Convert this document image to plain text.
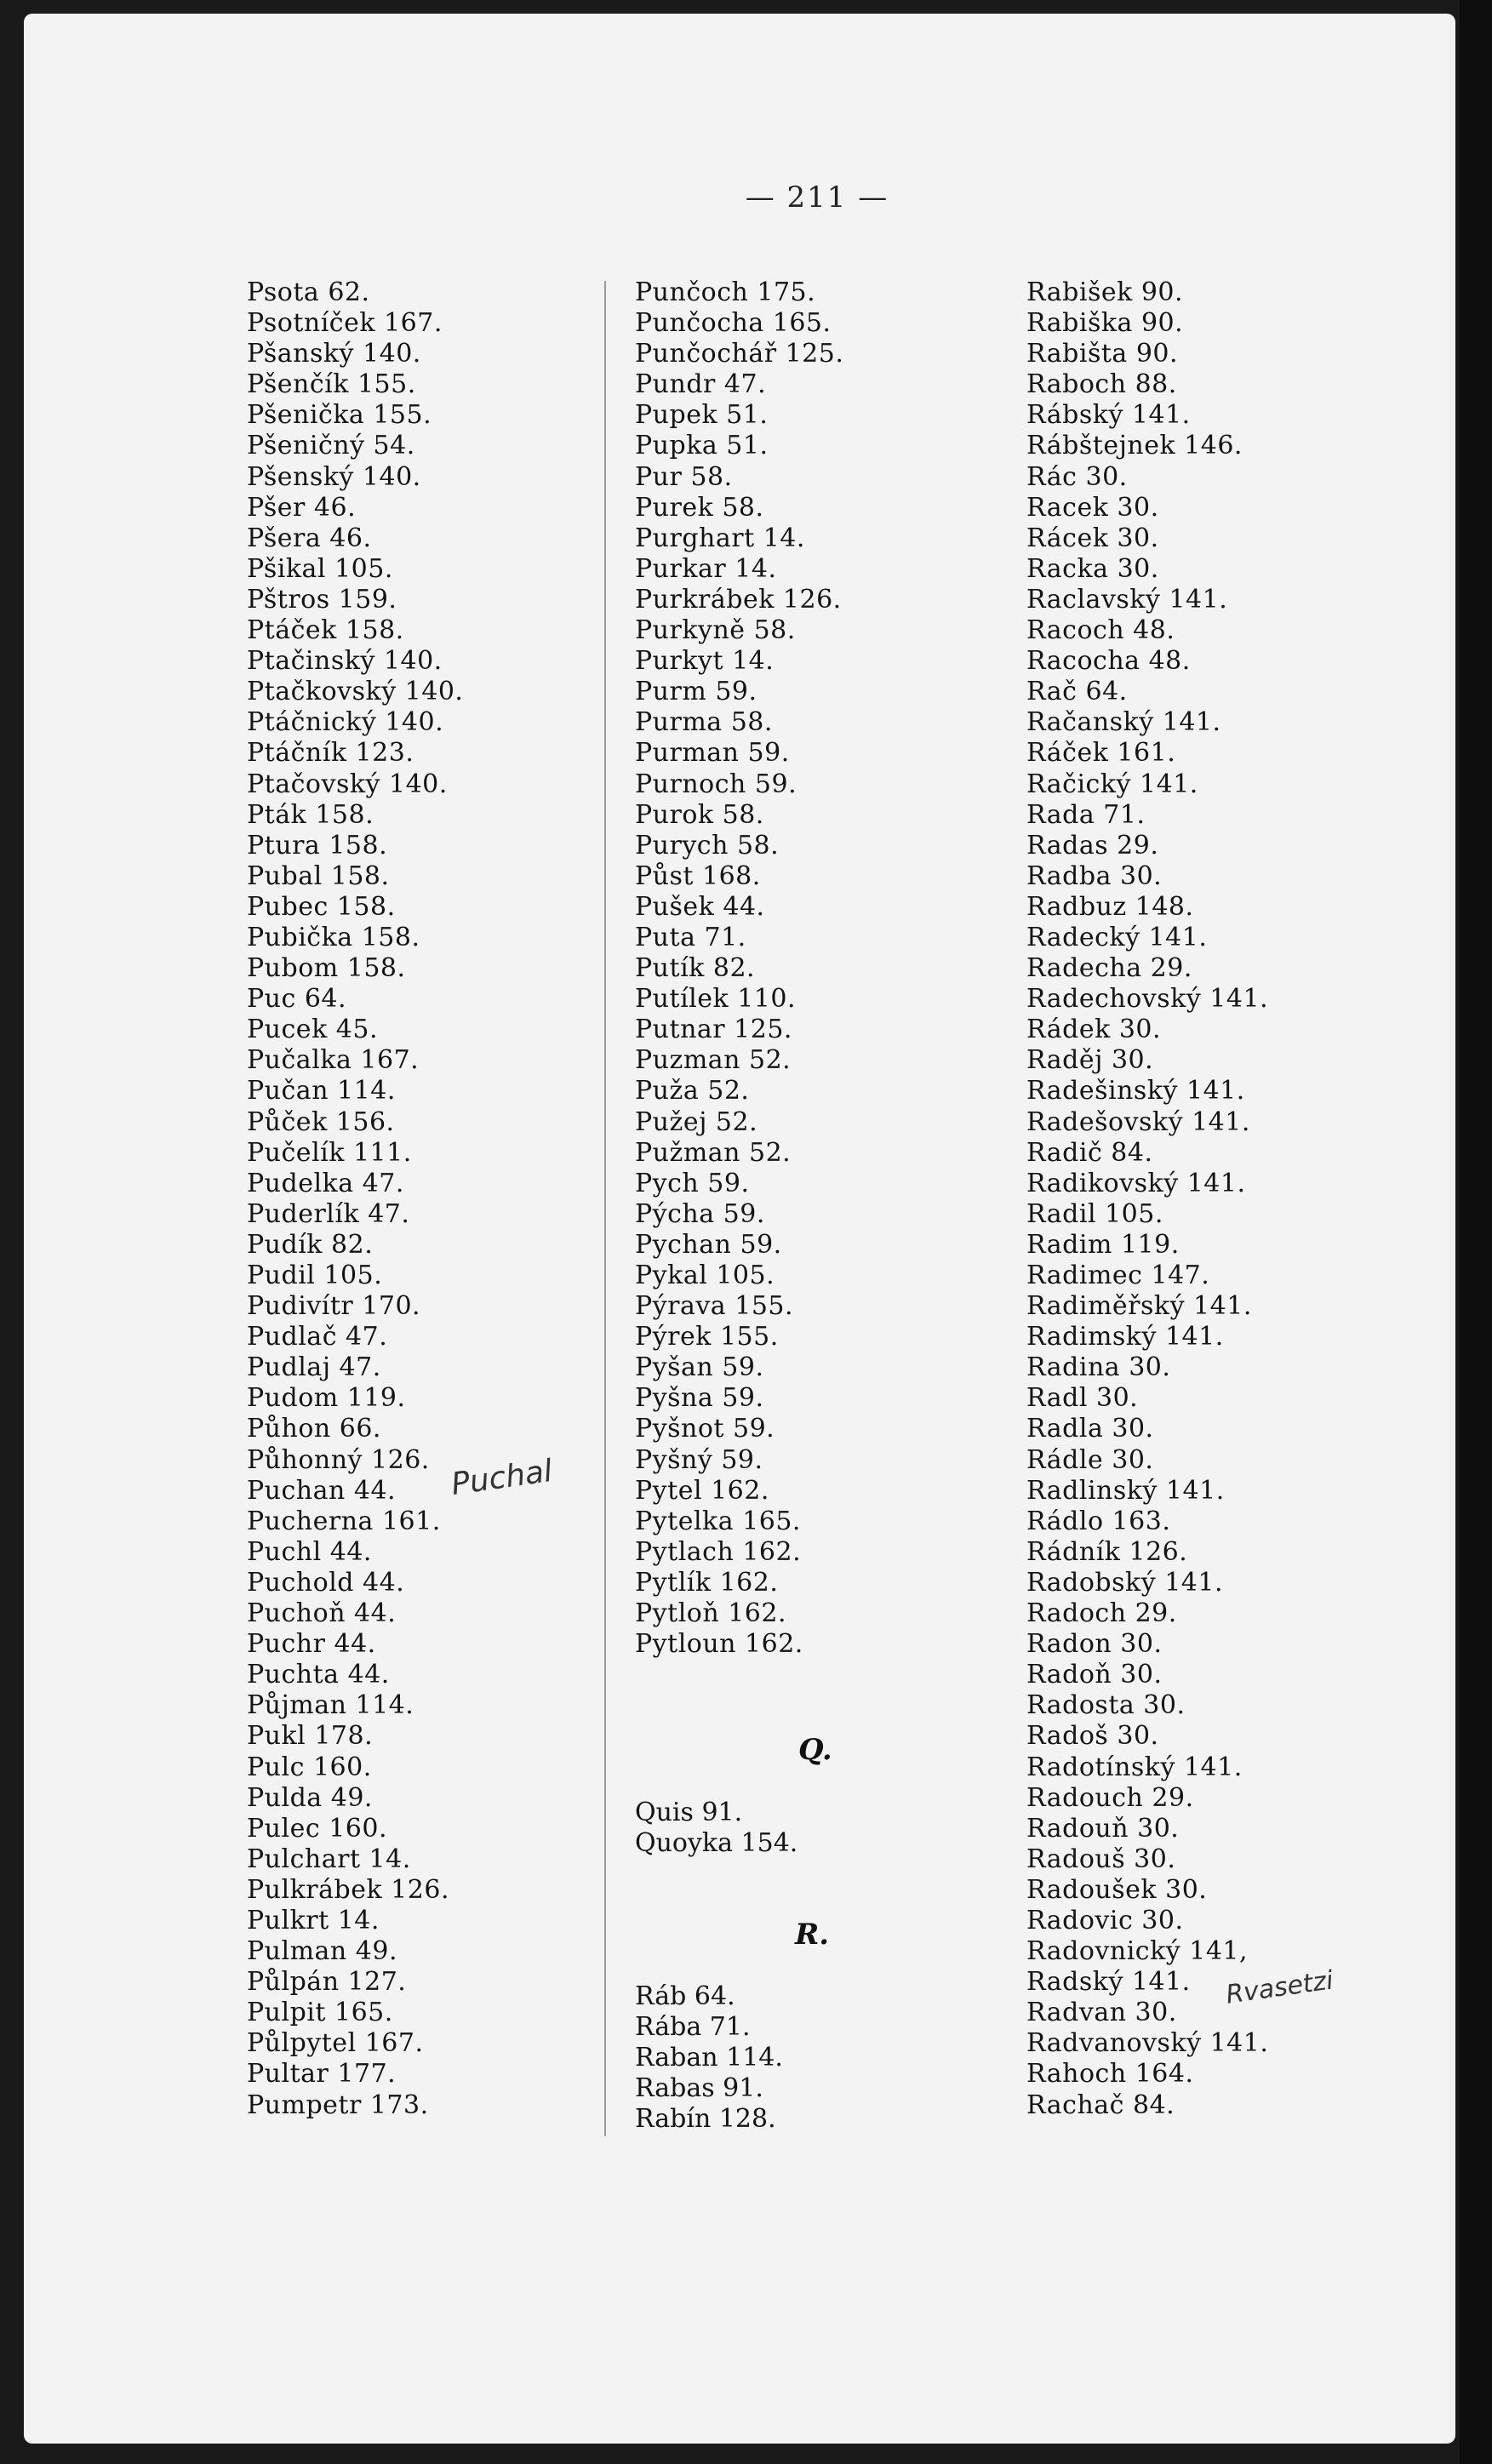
— 211 —
Psota 62.
Psotníček 167.
Pšanský 140.
Pšenčík 155.
Pšenička 155.
Pšeničný 54.
Pšenský 140.
Pšer 46.
Pšera 46.
Pšikal 105.
Pštros 159.
Ptáček 158.
Ptačinský 140.
Ptačkovský 140.
Ptáčnický 140.
Ptáčník 123.
Ptačovský 140.
Pták 158.
Ptura 158.
Pubal 158.
Pubec 158.
Pubička 158.
Pubom 158.
Puc 64.
Pucek 45.
Pučalka 167.
Pučan 114.
Půček 156.
Pučelík 111.
Pudelka 47.
Puderlík 47.
Pudík 82.
Pudil 105.
Pudivítr 170.
Pudlač 47.
Pudlaj 47.
Pudom 119.
Půhon 66.
Půhonný 126.
Puchan 44.
Pucherna 161.
Puchl 44.
Puchold 44.
Puchoň 44.
Puchr 44.
Puchta 44.
Půjman 114.
Pukl 178.
Pulc 160.
Pulda 49.
Pulec 160.
Pulchart 14.
Pulkrábek 126.
Pulkrt 14.
Pulman 49.
Půlpán 127.
Pulpit 165.
Půlpytel 167.
Pultar 177.
Pumpetr 173.
Punčoch 175.
Punčocha 165.
Punčochář 125.
Pundr 47.
Pupek 51.
Pupka 51.
Pur 58.
Purek 58.
Purghart 14.
Purkar 14.
Purkrábek 126.
Purkyně 58.
Purkyt 14.
Purm 59.
Purma 58.
Purman 59.
Purnoch 59.
Purok 58.
Purych 58.
Půst 168.
Pušek 44.
Puta 71.
Putík 82.
Putílek 110.
Putnar 125.
Puzman 52.
Puža 52.
Pužej 52.
Pužman 52.
Pych 59.
Pýcha 59.
Pychan 59.
Pykal 105.
Pýrava 155.
Pýrek 155.
Pyšan 59.
Pyšna 59.
Pyšnot 59.
Pyšný 59.
Pytel 162.
Pytelka 165.
Pytlach 162.
Pytlík 162.
Pytloň 162.
Pytloun 162.
Q.
Quis 91.
Quoyka 154.
R.
Ráb 64.
Rába 71.
Raban 114.
Rabas 91.
Rabín 128.
Rabišek 90.
Rabiška 90.
Rabišta 90.
Raboch 88.
Rábský 141.
Rábštejnek 146.
Rác 30.
Racek 30.
Rácek 30.
Racka 30.
Raclavský 141.
Racoch 48.
Racocha 48.
Rač 64.
Račanský 141.
Ráček 161.
Račický 141.
Rada 71.
Radas 29.
Radba 30.
Radbuz 148.
Radecký 141.
Radecha 29.
Radechovský 141.
Rádek 30.
Raděj 30.
Radešinský 141.
Radešovský 141.
Radič 84.
Radikovský 141.
Radil 105.
Radim 119.
Radimec 147.
Radiměřský 141.
Radimský 141.
Radina 30.
Radl 30.
Radla 30.
Rádle 30.
Radlinský 141.
Rádlo 163.
Rádník 126.
Radobský 141.
Radoch 29.
Radon 30.
Radoň 30.
Radosta 30.
Radoš 30.
Radotínský 141.
Radouch 29.
Radouň 30.
Radouš 30.
Radoušek 30.
Radovic 30.
Radovnický 141,
Radský 141.
Radvan 30.
Radvanovský 141.
Rahoch 164.
Rachač 84.
Puchal
Rvasetzi
